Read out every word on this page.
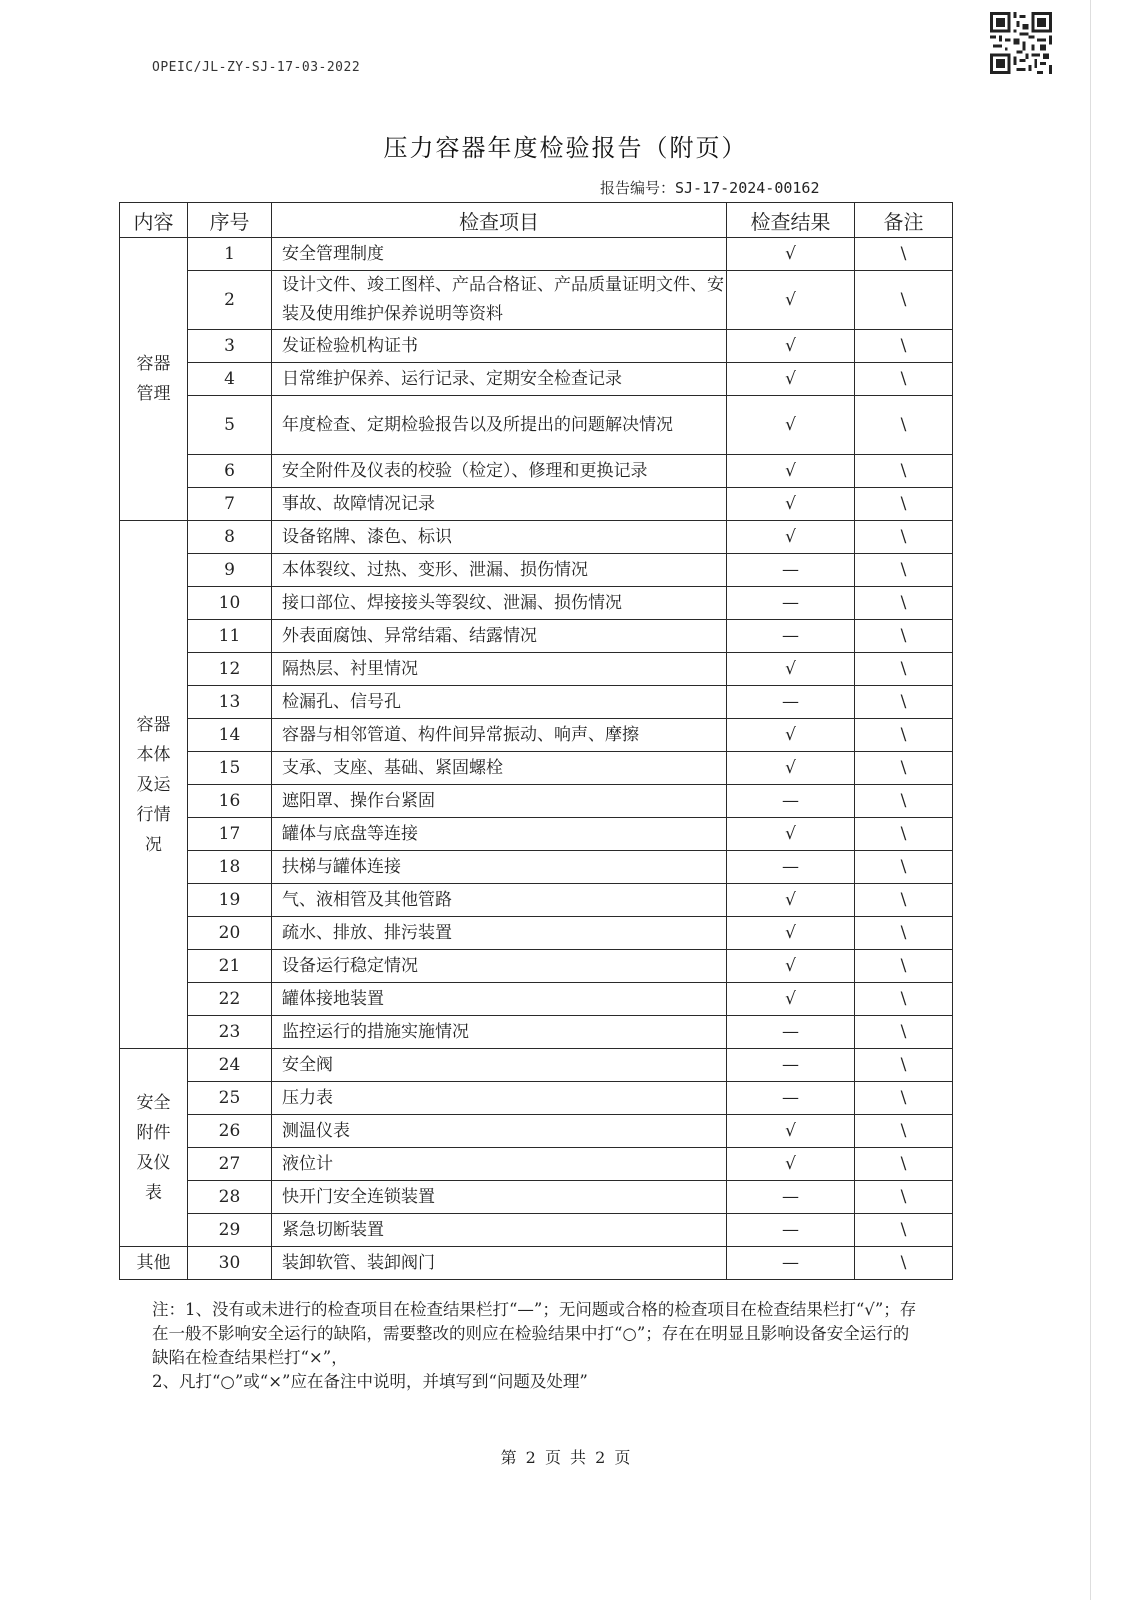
OPEIC/JL-ZY-SJ-17-03-2022
压力容器年度检验报告（附页）
报告编号：SJ-17-2024-00162
内容	序号	检查项目	检查结果	备注
容器管理	1	安全管理制度	√	\
	2	设计文件、竣工图样、产品合格证、产品质量证明文件、安装及使用维护保养说明等资料	√	\
	3	发证检验机构证书	√	\
	4	日常维护保养、运行记录、定期安全检查记录	√	\
	5	年度检查、定期检验报告以及所提出的问题解决情况	√	\
	6	安全附件及仪表的校验（检定）、修理和更换记录	√	\
	7	事故、故障情况记录	√	\
容器本体及运行情况	8	设备铭牌、漆色、标识	√	\
	9	本体裂纹、过热、变形、泄漏、损伤情况	—	\
	10	接口部位、焊接接头等裂纹、泄漏、损伤情况	—	\
	11	外表面腐蚀、异常结霜、结露情况	—	\
	12	隔热层、衬里情况	√	\
	13	检漏孔、信号孔	—	\
	14	容器与相邻管道、构件间异常振动、响声、摩擦	√	\
	15	支承、支座、基础、紧固螺栓	√	\
	16	遮阳罩、操作台紧固	—	\
	17	罐体与底盘等连接	√	\
	18	扶梯与罐体连接	—	\
	19	气、液相管及其他管路	√	\
	20	疏水、排放、排污装置	√	\
	21	设备运行稳定情况	√	\
	22	罐体接地装置	√	\
	23	监控运行的措施实施情况	—	\
安全附件及仪表	24	安全阀	—	\
	25	压力表	—	\
	26	测温仪表	√	\
	27	液位计	√	\
	28	快开门安全连锁装置	—	\
	29	紧急切断装置	—	\
其他	30	装卸软管、装卸阀门	—	\

注：1、没有或未进行的检查项目在检查结果栏打“—”；无问题或合格的检查项目在检查结果栏打“√”；存在一般不影响安全运行的缺陷，需要整改的则应在检验结果中打“○”；存在在明显且影响设备安全运行的缺陷在检查结果栏打“×”，

2、凡打“○”或“×”应在备注中说明，并填写到“问题及处理”

第 2 页 共 2 页
